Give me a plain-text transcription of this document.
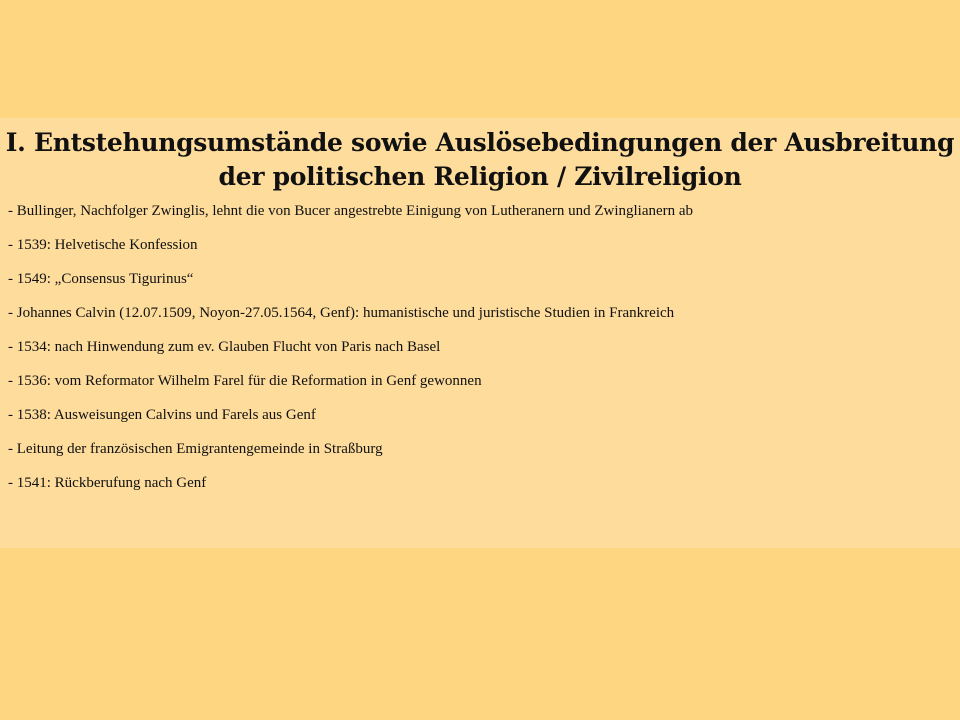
I. Entstehungsumstände sowie Auslösebedingungen der Ausbreitung
der politischen Religion / Zivilreligion
- Bullinger, Nachfolger Zwinglis, lehnt die von Bucer angestrebte Einigung von Lutheranern und Zwinglianern ab
- 1539: Helvetische Konfession
- 1549: „Consensus Tigurinus“
- Johannes Calvin (12.07.1509, Noyon-27.05.1564, Genf): humanistische und juristische Studien in Frankreich
- 1534: nach Hinwendung zum ev. Glauben Flucht von Paris nach Basel
- 1536: vom Reformator Wilhelm Farel für die Reformation in Genf gewonnen
- 1538: Ausweisungen Calvins und Farels aus Genf
- Leitung der französischen Emigrantengemeinde in Straßburg
- 1541: Rückberufung nach Genf
